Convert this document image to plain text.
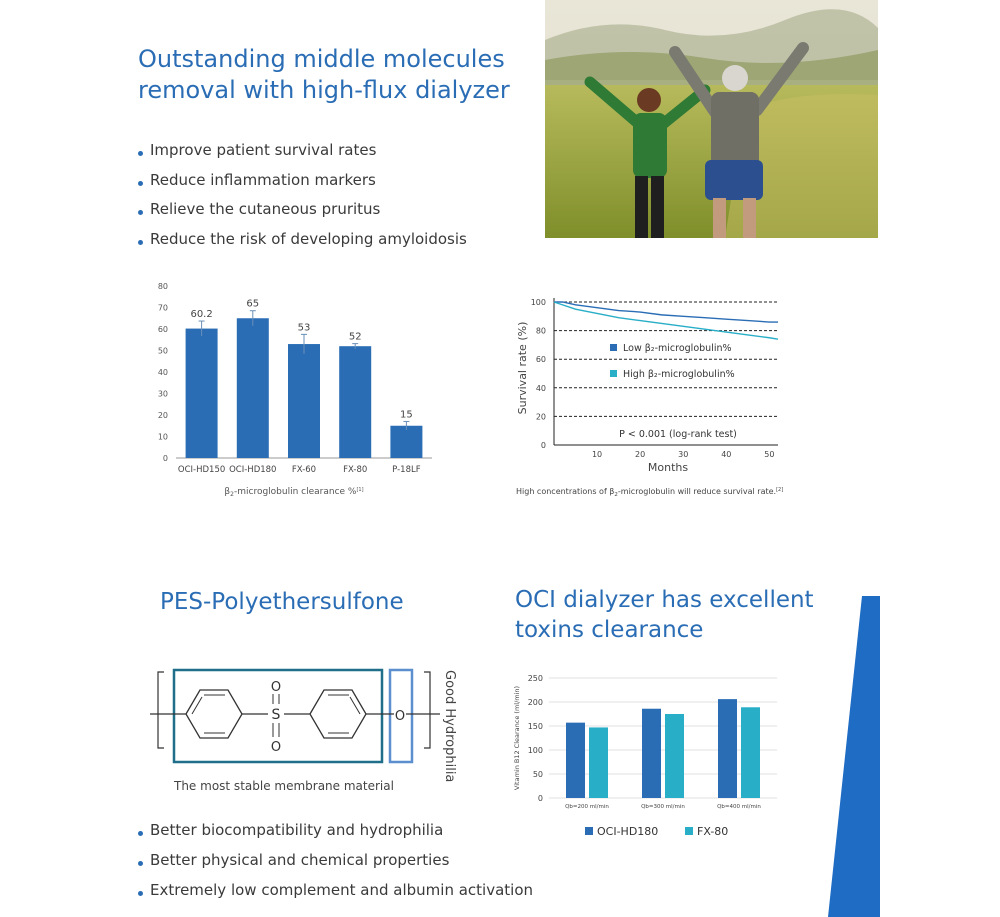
Outstanding middle molecules
removal with high-flux dialyzer
Improve patient survival rates
Reduce inflammation markers
Relieve the cutaneous pruritus
Reduce the risk of developing amyloidosis
0
10
20
30
40
50
60
70
80
60.2
OCI-HD150
65
OCI-HD180
53
FX-60
52
FX-80
15
P-18LF
$\beta_2$-microglobulin clearance %[1]
0
20
40
60
80
100
10	20	30	40	50
Survival rate (%)
Months
Low β₂-microglobulin%
High β₂-microglobulin%
P < 0.001 (log-rank test)
High concentrations of $\beta_2$-microglobulin will reduce survival rate.[2]
PES-Polyethersulfone
S
O
O
O	Good Hydrophilia
The most stable membrane material
Better biocompatibility and hydrophilia
Better physical and chemical properties
Extremely low complement and albumin activation
OCI dialyzer has excellent
toxins clearance
0
50
100
150
200
250
Qb=200 ml/min	Qb=300 ml/min	Qb=400 ml/min
Vitamin B12 Clearance (ml/min)
OCI-HD180	FX-80
